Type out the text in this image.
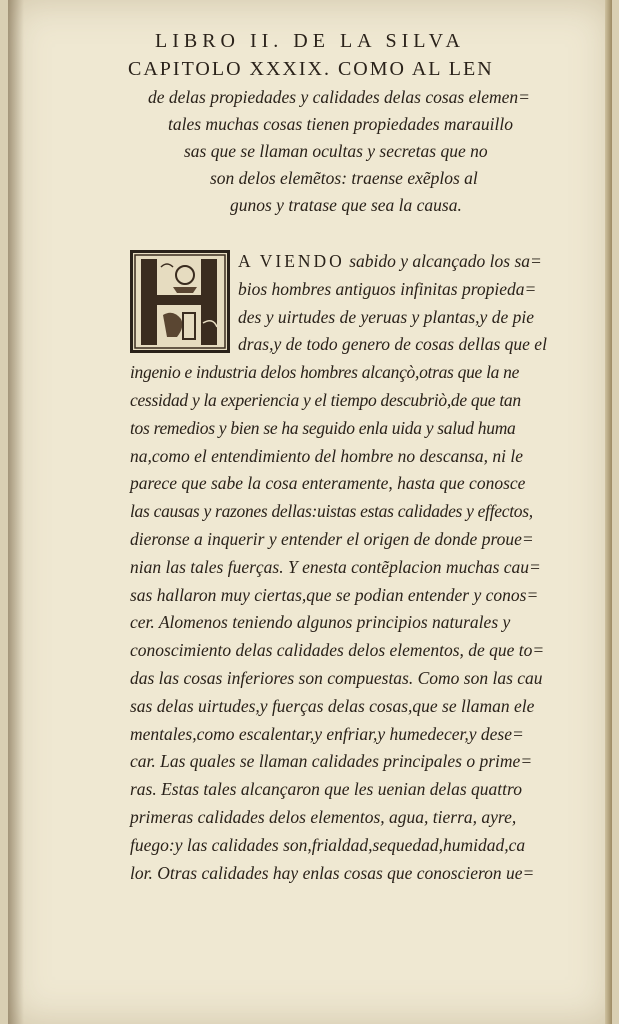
LIBRO II. DE LA SILVA
CAPITOLO XXXIX. COMO AL LEN
de delas propiedades y calidades delas cosas elemen=
tales muchas cosas tienen propiedades marauillo
sas que se llaman ocultas y secretas que no
son delos elemẽtos: traense exẽplos al
gunos y tratase que sea la causa.
A VIENDO sabido y alcançado los sa=
bios hombres antiguos infinitas propieda=
des y uirtudes de yeruas y plantas,y de pie
dras,y de todo genero de cosas dellas que el
ingenio e industria delos hombres alcançò,otras que la ne
cessidad y la experiencia y el tiempo descubriò,de que tan
tos remedios y bien se ha seguido enla uida y salud huma
na,como el entendimiento del hombre no descansa, ni le
parece que sabe la cosa enteramente, hasta que conosce
las causas y razones dellas:uistas estas calidades y effectos,
dieronse a inquerir y entender el origen de donde proue=
nian las tales fuerças. Y enesta contẽplacion muchas cau=
sas hallaron muy ciertas,que se podian entender y conos=
cer. Alomenos teniendo algunos principios naturales y
conoscimiento delas calidades delos elementos, de que to=
das las cosas inferiores son compuestas. Como son las cau
sas delas uirtudes,y fuerças delas cosas,que se llaman ele
mentales,como escalentar,y enfriar,y humedecer,y dese=
car. Las quales se llaman calidades principales o prime=
ras. Estas tales alcançaron que les uenian delas quattro
primeras calidades delos elementos, agua, tierra, ayre,
fuego:y las calidades son,frialdad,sequedad,humidad,ca
lor. Otras calidades hay enlas cosas que conoscieron ue=
